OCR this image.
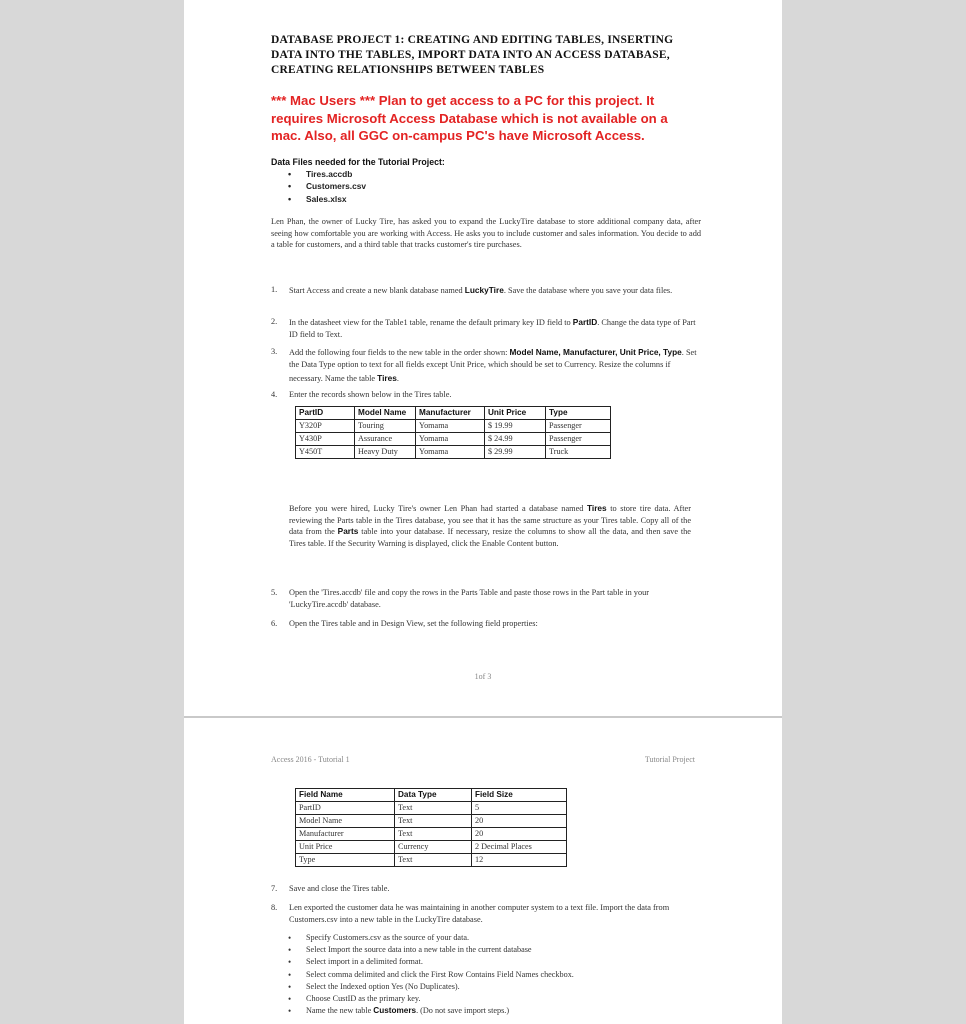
DATABASE PROJECT 1: CREATING AND EDITING TABLES, INSERTING DATA INTO THE TABLES, IMPORT DATA INTO AN ACCESS DATABASE, CREATING RELATIONSHIPS BETWEEN TABLES
*** Mac Users *** Plan to get access to a PC for this project. It requires Microsoft Access Database which is not available on a mac. Also, all GGC on-campus PC's have Microsoft Access.
Data Files needed for the Tutorial Project:
• Tires.accdb
• Customers.csv
• Sales.xlsx
Len Phan, the owner of Lucky Tire, has asked you to expand the LuckyTire database to store additional company data, after seeing how comfortable you are working with Access. He asks you to include customer and sales information. You decide to add a table for customers, and a third table that tracks customer's tire purchases.
1.	Start Access and create a new blank database named LuckyTire. Save the database where you save your data files.
2.	In the datasheet view for the Table1 table, rename the default primary key ID field to PartID. Change the data type of Part ID field to Text.
3.	Add the following four fields to the new table in the order shown: Model Name, Manufacturer, Unit Price, Type. Set the Data Type option to text for all fields except Unit Price, which should be set to Currency. Resize the columns if necessary. Name the table Tires.
4.	Enter the records shown below in the Tires table.
PartID	Model Name	Manufacturer	Unit Price	Type
Y320P	Touring	Yomama	$ 19.99	Passenger
Y430P	Assurance	Yomama	$ 24.99	Passenger
Y450T	Heavy Duty	Yomama	$ 29.99	Truck
Before you were hired, Lucky Tire's owner Len Phan had started a database named Tires to store tire data. After reviewing the Parts table in the Tires database, you see that it has the same structure as your Tires table. Copy all of the data from the Parts table into your database. If necessary, resize the columns to show all the data, and then save the Tires table. If the Security Warning is displayed, click the Enable Content button.
5.	Open the 'Tires.accdb' file and copy the rows in the Parts Table and paste those rows in the Part table in your 'LuckyTire.accdb' database.
6.	Open the Tires table and in Design View, set the following field properties:
1of 3
Access 2016 - Tutorial 1	Tutorial Project
Field Name	Data Type	Field Size
PartID	Text	5
Model Name	Text	20
Manufacturer	Text	20
Unit Price	Currency	2 Decimal Places
Type	Text	12
7.	Save and close the Tires table.
8.	Len exported the customer data he was maintaining in another computer system to a text file. Import the data from Customers.csv into a new table in the LuckyTire database.
• Specify Customers.csv as the source of your data.
• Select Import the source data into a new table in the current database
• Select import in a delimited format.
• Select comma delimited and click the First Row Contains Field Names checkbox.
• Select the Indexed option Yes (No Duplicates).
• Choose CustID as the primary key.
• Name the new table Customers. (Do not save import steps.)
